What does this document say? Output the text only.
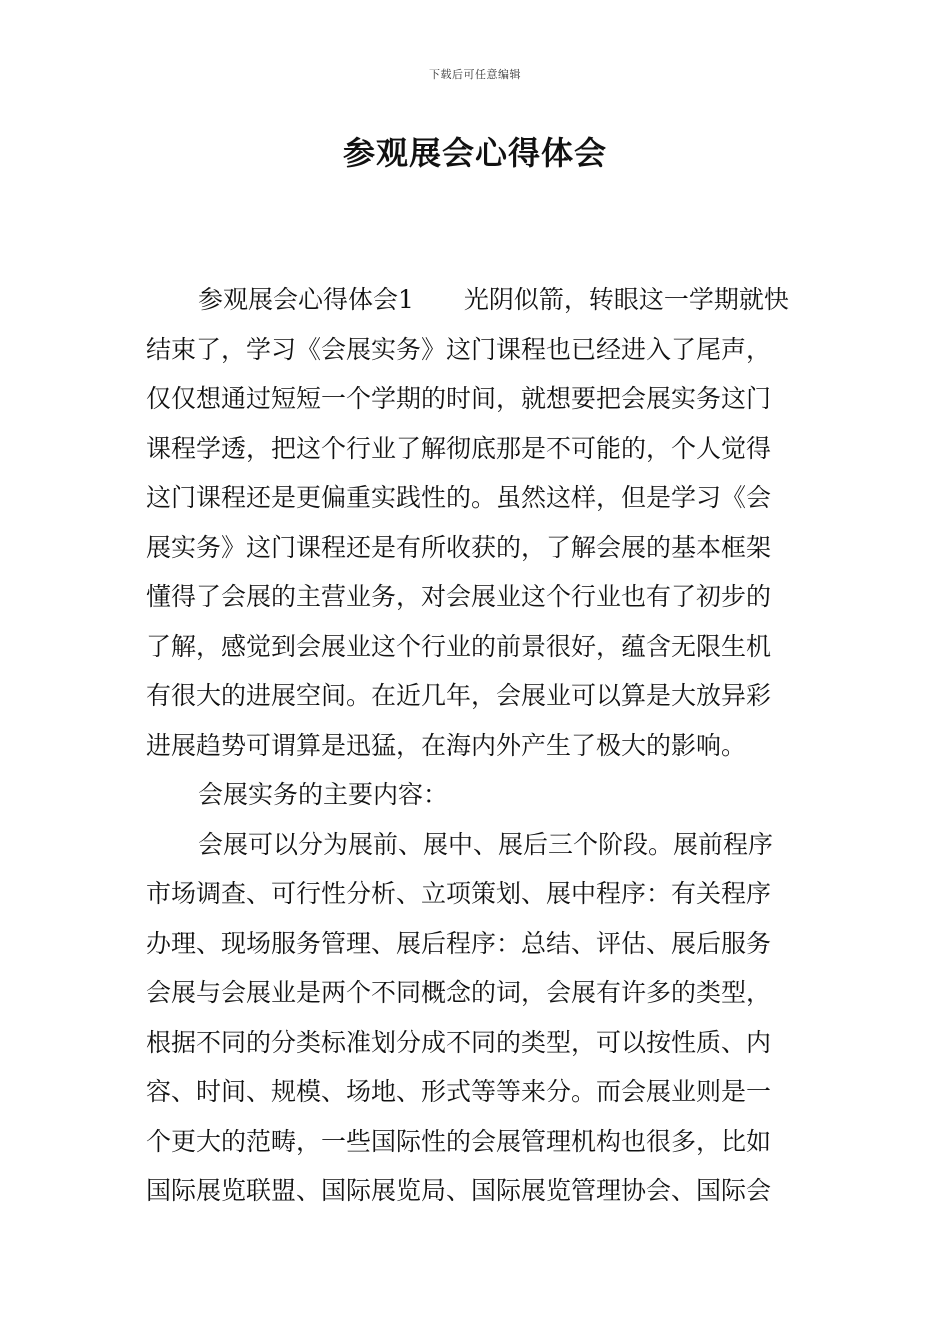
下载后可任意编辑
参观展会心得体会
参观展会心得体会1　　光阴似箭，转眼这一学期就快
结束了，学习《会展实务》这门课程也已经进入了尾声，
仅仅想通过短短一个学期的时间，就想要把会展实务这门
课程学透，把这个行业了解彻底那是不可能的，个人觉得
这门课程还是更偏重实践性的。虽然这样，但是学习《会
展实务》这门课程还是有所收获的，了解会展的基本框架
懂得了会展的主营业务，对会展业这个行业也有了初步的
了解，感觉到会展业这个行业的前景很好，蕴含无限生机
有很大的进展空间。在近几年，会展业可以算是大放异彩
进展趋势可谓算是迅猛，在海内外产生了极大的影响。
会展实务的主要内容：
会展可以分为展前、展中、展后三个阶段。展前程序
市场调查、可行性分析、立项策划、展中程序：有关程序
办理、现场服务管理、展后程序：总结、评估、展后服务
会展与会展业是两个不同概念的词，会展有许多的类型，
根据不同的分类标准划分成不同的类型，可以按性质、内
容、时间、规模、场地、形式等等来分。而会展业则是一
个更大的范畴，一些国际性的会展管理机构也很多，比如
国际展览联盟、国际展览局、国际展览管理协会、国际会
